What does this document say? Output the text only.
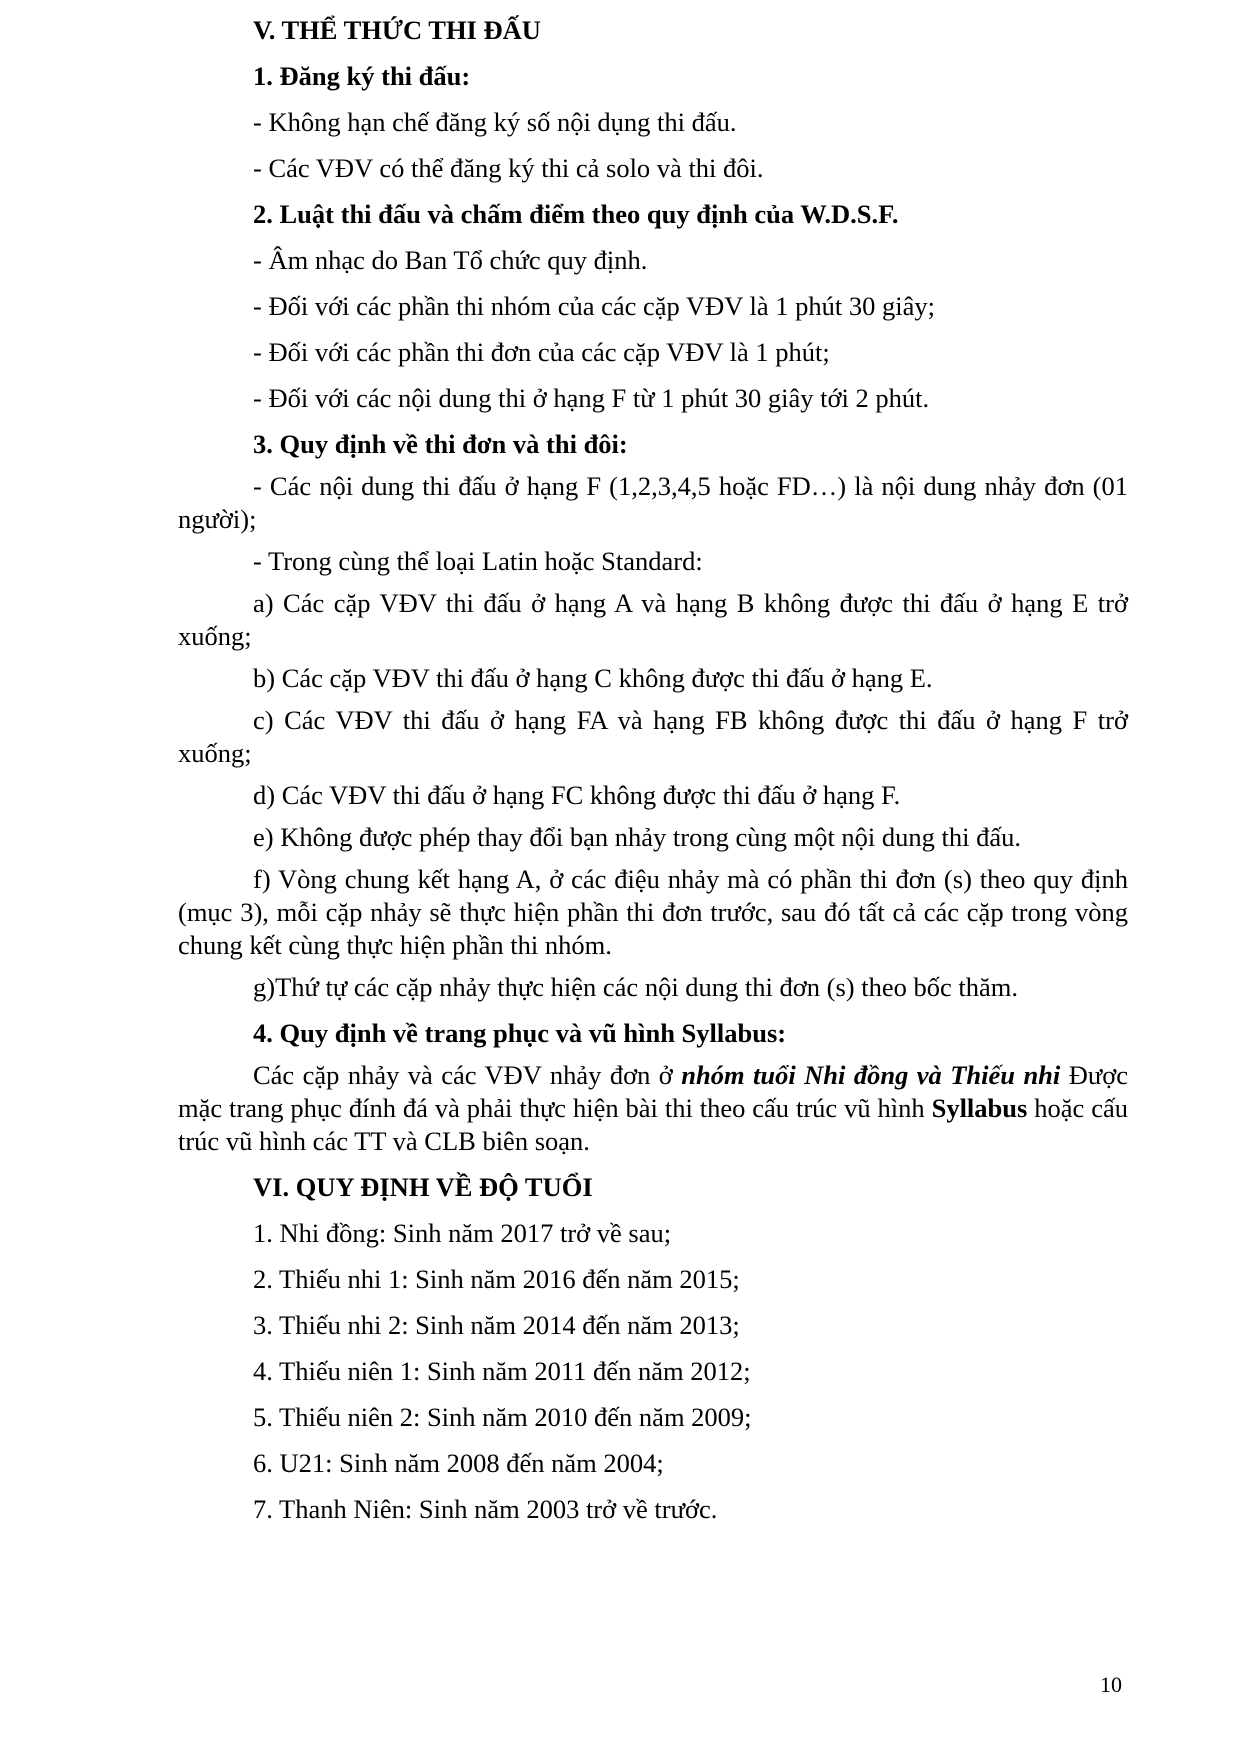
V. THỂ THỨC THI ĐẤU

1. Đăng ký thi đấu:

- Không hạn chế đăng ký số nội dụng thi đấu.

- Các VĐV có thể đăng ký thi cả solo và thi đôi.

2. Luật thi đấu và chấm điểm theo quy định của W.D.S.F.

- Âm nhạc do Ban Tổ chức quy định.

- Đối với các phần thi nhóm của các cặp VĐV là 1 phút 30 giây;

- Đối với các phần thi đơn của các cặp VĐV là 1 phút;

- Đối với các nội dung thi ở hạng F từ 1 phút 30 giây tới 2 phút.

3. Quy định về thi đơn và thi đôi:

- Các nội dung thi đấu ở hạng F (1,2,3,4,5 hoặc FD…) là nội dung nhảy đơn (01 người);

- Trong cùng thể loại Latin hoặc Standard:

a) Các cặp VĐV thi đấu ở hạng A và hạng B không được thi đấu ở hạng E trở xuống;

b) Các cặp VĐV thi đấu ở hạng C không được thi đấu ở hạng E.

c) Các VĐV thi đấu ở hạng FA và hạng FB không được thi đấu ở hạng F trở xuống;

d) Các VĐV thi đấu ở hạng FC không được thi đấu ở hạng F.

e) Không được phép thay đổi bạn nhảy trong cùng một nội dung thi đấu.

f) Vòng chung kết hạng A, ở các điệu nhảy mà có phần thi đơn (s) theo quy định (mục 3), mỗi cặp nhảy sẽ thực hiện phần thi đơn trước, sau đó tất cả các cặp trong vòng chung kết cùng thực hiện phần thi nhóm.

g)Thứ tự các cặp nhảy thực hiện các nội dung thi đơn (s) theo bốc thăm.

4. Quy định về trang phục và vũ hình Syllabus:

Các cặp nhảy và các VĐV nhảy đơn ở nhóm tuổi Nhi đồng và Thiếu nhi Được mặc trang phục đính đá và phải thực hiện bài thi theo cấu trúc vũ hình Syllabus hoặc cấu trúc vũ hình các TT và CLB biên soạn.

VI. QUY ĐỊNH VỀ ĐỘ TUỔI

1. Nhi đồng: Sinh năm 2017 trở về sau;

2. Thiếu nhi 1: Sinh năm 2016 đến năm 2015;

3. Thiếu nhi 2: Sinh năm 2014 đến năm 2013;

4. Thiếu niên 1: Sinh năm 2011 đến năm 2012;

5. Thiếu niên 2: Sinh năm 2010 đến năm 2009;

6. U21: Sinh năm 2008 đến năm 2004;

7. Thanh Niên: Sinh năm 2003 trở về trước.

10
